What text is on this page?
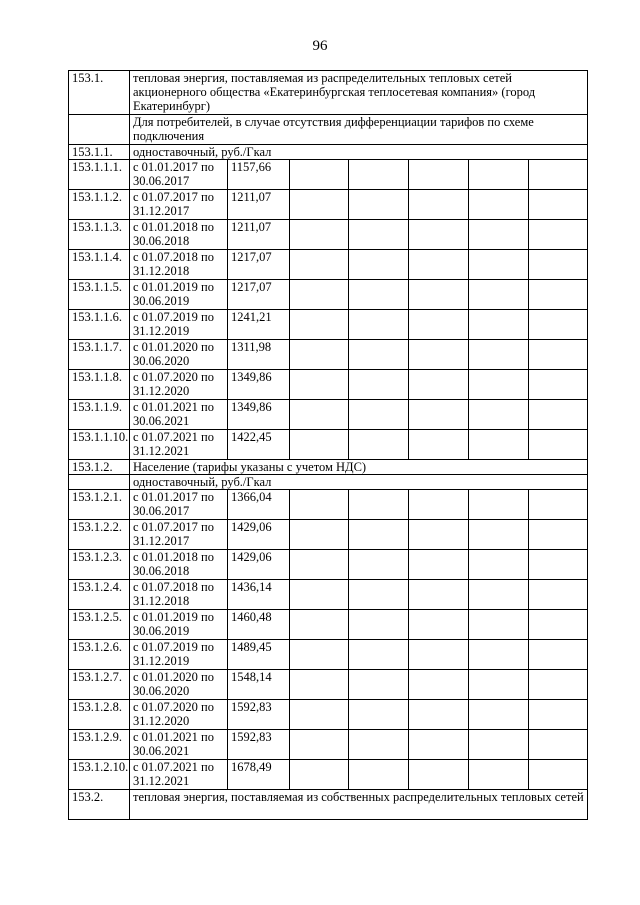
96
153.1.	тепловая энергия, поставляемая из распределительных тепловых сетей акционерного общества «Екатеринбургская теплосетевая компания» (город Екатеринбург)						
	Для потребителей, в случае отсутствия дифференциации тарифов по схеме подключения						
153.1.1.	одноставочный, руб./Гкал						
153.1.1.1.	с 01.01.2017 по 30.06.2017	1157,66					
153.1.1.2.	с 01.07.2017 по 31.12.2017	1211,07					
153.1.1.3.	с 01.01.2018 по 30.06.2018	1211,07					
153.1.1.4.	с 01.07.2018 по 31.12.2018	1217,07					
153.1.1.5.	с 01.01.2019 по 30.06.2019	1217,07					
153.1.1.6.	с 01.07.2019 по 31.12.2019	1241,21					
153.1.1.7.	с 01.01.2020 по 30.06.2020	1311,98					
153.1.1.8.	с 01.07.2020 по 31.12.2020	1349,86					
153.1.1.9.	с 01.01.2021 по 30.06.2021	1349,86					
153.1.1.10.	с 01.07.2021 по 31.12.2021	1422,45					
153.1.2.	Население (тарифы указаны с учетом НДС)						
	одноставочный, руб./Гкал						
153.1.2.1.	с 01.01.2017 по 30.06.2017	1366,04					
153.1.2.2.	с 01.07.2017 по 31.12.2017	1429,06					
153.1.2.3.	с 01.01.2018 по 30.06.2018	1429,06					
153.1.2.4.	с 01.07.2018 по 31.12.2018	1436,14					
153.1.2.5.	с 01.01.2019 по 30.06.2019	1460,48					
153.1.2.6.	с 01.07.2019 по 31.12.2019	1489,45					
153.1.2.7.	с 01.01.2020 по 30.06.2020	1548,14					
153.1.2.8.	с 01.07.2020 по 31.12.2020	1592,83					
153.1.2.9.	с 01.01.2021 по 30.06.2021	1592,83					
153.1.2.10.	с 01.07.2021 по 31.12.2021	1678,49					
153.2.	тепловая энергия, поставляемая из собственных распределительных тепловых сетей						
